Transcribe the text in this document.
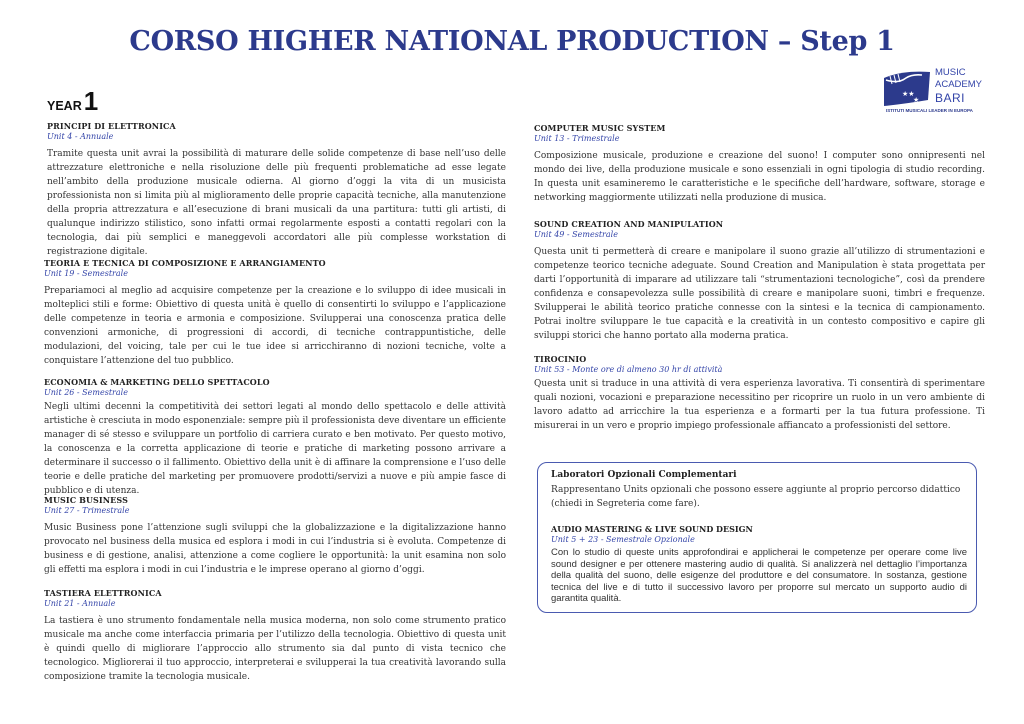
CORSO HIGHER NATIONAL PRODUCTION – Step 1
YEAR1	★★
★
MUSIC
ACADEMY
BARI
ISTITUTI MUSICALI LEADER IN EUROPA
PRINCIPI DI ELETTRONICA
Unit 4 - Annuale
Tramite questa unit avrai la possibilità di maturare delle solide competenze di base nell’uso delle attrezzature elettroniche e nella risoluzione delle più frequenti problematiche ad esse legate nell’ambito della produzione musicale odierna. Al giorno d’oggi la vita di un musicista professionista non si limita più al miglioramento delle proprie capacità tecniche, alla manutenzione della propria attrezzatura e all’esecuzione di brani musicali da una partitura: tutti gli artisti, di qualunque indirizzo stilistico, sono infatti ormai regolarmente esposti a contatti regolari con la tecnologia, dai più semplici e maneggevoli accordatori alle più complesse workstation di registrazione digitale.
TEORIA E TECNICA DI COMPOSIZIONE E ARRANGIAMENTO
Unit 19 - Semestrale
Prepariamoci al meglio ad acquisire competenze per la creazione e lo sviluppo di idee musicali in molteplici stili e forme: Obiettivo di questa unità è quello di consentirti lo sviluppo e l’applicazione delle competenze in teoria e armonia e composizione. Svilupperai una conoscenza pratica delle convenzioni armoniche, di progressioni di accordi, di tecniche contrappuntistiche, delle modulazioni, del voicing, tale per cui le tue idee si arricchiranno di nozioni tecniche, volte a conquistare l’attenzione del tuo pubblico.
ECONOMIA & MARKETING DELLO SPETTACOLO
Unit 26 - Semestrale
Negli ultimi decenni la competitività dei settori legati al mondo dello spettacolo e delle attività artistiche è cresciuta in modo esponenziale: sempre più il professionista deve diventare un efficiente manager di sé stesso e sviluppare un portfolio di carriera curato e ben motivato. Per questo motivo, la conoscenza e la corretta applicazione di teorie e pratiche di marketing possono arrivare a determinare il successo o il fallimento. Obiettivo della unit è di affinare la comprensione e l’uso delle teorie e delle pratiche del marketing per promuovere prodotti/servizi a nuove e più ampie fasce di pubblico e di utenza.
MUSIC BUSINESS
Unit 27 - Trimestrale
Music Business pone l’attenzione sugli sviluppi che la globalizzazione e la digitalizzazione hanno provocato nel business della musica ed esplora i modi in cui l’industria si è evoluta. Competenze di business e di gestione, analisi, attenzione a come cogliere le opportunità: la unit esamina non solo gli effetti ma esplora i modi in cui l’industria e le imprese operano al giorno d’oggi.
TASTIERA ELETTRONICA
Unit 21 - Annuale
La tastiera è uno strumento fondamentale nella musica moderna, non solo come strumento pratico musicale ma anche come interfaccia primaria per l’utilizzo della tecnologia. Obiettivo di questa unit è quindi quello di migliorare l’approccio allo strumento sia dal punto di vista tecnico che tecnologico. Migliorerai il tuo approccio, interpreterai e svilupperai la tua creatività lavorando sulla composizione tramite la tecnologia musicale.
COMPUTER MUSIC SYSTEM
Unit 13 - Trimestrale
Composizione musicale, produzione e creazione del suono! I computer sono onnipresenti nel mondo dei live, della produzione musicale e sono essenziali in ogni tipologia di studio recording. In questa unit esamineremo le caratteristiche e le specifiche dell’hardware, software, storage e networking maggiormente utilizzati nella produzione di musica.
SOUND CREATION AND MANIPULATION
Unit 49 - Semestrale
Questa unit ti permetterà di creare e manipolare il suono grazie all’utilizzo di strumentazioni e competenze teorico tecniche adeguate. Sound Creation and Manipulation è stata progettata per darti l’opportunità di imparare ad utilizzare tali “strumentazioni tecnologiche”, così da prendere confidenza e consapevolezza sulle possibilità di creare e manipolare suoni, timbri e frequenze. Svilupperai le abilità teorico pratiche connesse con la sintesi e la tecnica di campionamento. Potrai inoltre sviluppare le tue capacità e la creatività in un contesto compositivo e capire gli sviluppi storici che hanno portato alla moderna pratica.
TIROCINIO
Unit 53 - Monte ore di almeno 30 hr di attività
Questa unit si traduce in una attività di vera esperienza lavorativa. Ti consentirà di sperimentare quali nozioni, vocazioni e preparazione necessitino per ricoprire un ruolo in un vero ambiente di lavoro adatto ad arricchire la tua esperienza e a formarti per la tua futura professione. Ti misurerai in un vero e proprio impiego professionale affiancato a professionisti del settore.
Laboratori Opzionali Complementari
Rappresentano Units opzionali che possono essere aggiunte al proprio percorso didattico (chiedi in Segreteria come fare).
AUDIO MASTERING & LIVE SOUND DESIGN
Unit 5 + 23 - Semestrale Opzionale
Con lo studio di queste units approfondirai e applicherai le competenze per operare come live sound designer e per ottenere mastering audio di qualità. Si analizzerà nel dettaglio l’importanza della qualità del suono, delle esigenze del produttore e del consumatore. In sostanza, gestione tecnica del live e di tutto il successivo lavoro per proporre sul mercato un supporto audio di garantita qualità.
